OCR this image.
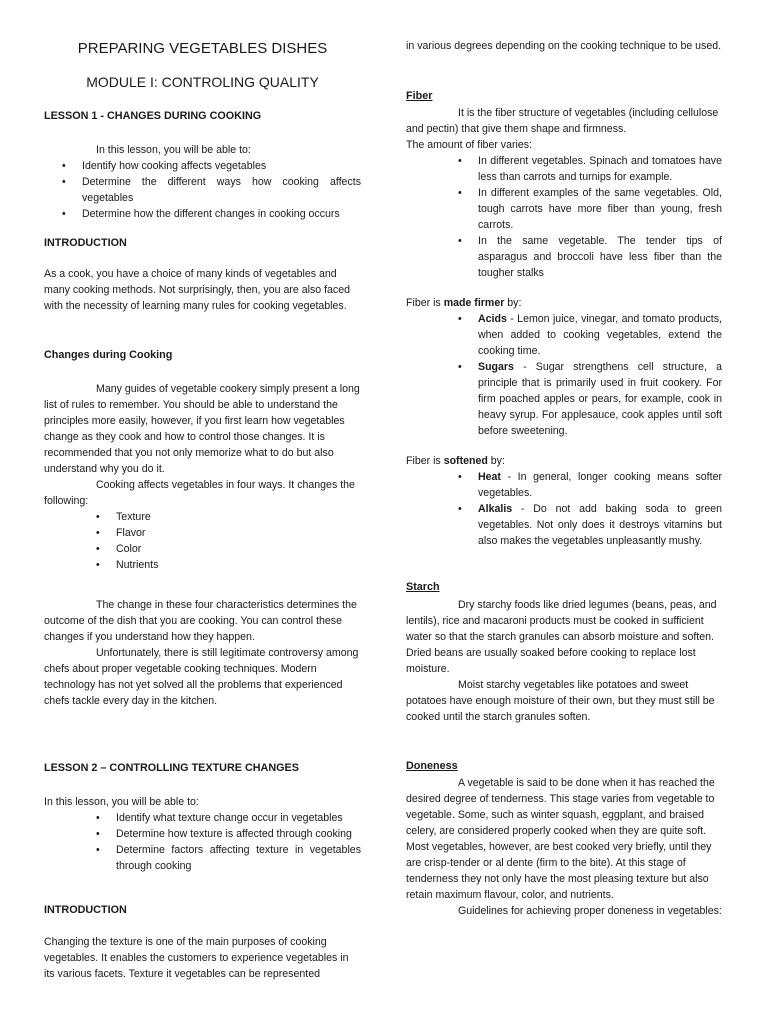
PREPARING VEGETABLES DISHES
MODULE I: CONTROLING QUALITY
LESSON 1 - CHANGES DURING COOKING

In this lesson, you will be able to:

•
Identify how cooking affects vegetables
•
Determine the different ways how cooking affects vegetables
•
Determine how the different changes in cooking occurs
INTRODUCTION

As a cook, you have a choice of many kinds of vegetables and many cooking methods. Not surprisingly, then, you are also faced with the necessity of learning many rules for cooking vegetables.

Changes during Cooking

Many guides of vegetable cookery simply present a long list of rules to remember. You should be able to understand the principles more easily, however, if you first learn how vegetables change as they cook and how to control those changes. It is recommended that you not only memorize what to do but also understand why you do it.

Cooking affects vegetables in four ways. It changes the following:

•
Texture
•
Flavor
•
Color
•
Nutrients

The change in these four characteristics determines the outcome of the dish that you are cooking. You can control these changes if you understand how they happen.

Unfortunately, there is still legitimate controversy among chefs about proper vegetable cooking techniques. Modern technology has not yet solved all the problems that experienced chefs tackle every day in the kitchen.

LESSON 2 – CONTROLLING TEXTURE CHANGES

In this lesson, you will be able to:

•
Identify what texture change occur in vegetables
•
Determine how texture is affected through cooking
•
Determine factors affecting texture in vegetables through cooking
INTRODUCTION

Changing the texture is one of the main purposes of cooking vegetables. It enables the customers to experience vegetables in its various facets. Texture it vegetables can be represented

in various degrees depending on the cooking technique to be used.

Fiber

It is the fiber structure of vegetables (including cellulose and pectin) that give them shape and firmness.

The amount of fiber varies:

•
In different vegetables. Spinach and tomatoes have less than carrots and turnips for example.
•
In different examples of the same vegetables. Old, tough carrots have more fiber than young, fresh carrots.
•
In the same vegetable. The tender tips of asparagus and broccoli have less fiber than the tougher stalks

Fiber is made firmer by:

•
Acids - Lemon juice, vinegar, and tomato products, when added to cooking vegetables, extend the cooking time.
•
Sugars - Sugar strengthens cell structure, a principle that is primarily used in fruit cookery. For firm poached apples or pears, for example, cook in heavy syrup. For applesauce, cook apples until soft before sweetening.

Fiber is softened by:

•
Heat - In general, longer cooking means softer vegetables.
•
Alkalis - Do not add baking soda to green vegetables. Not only does it destroys vitamins but also makes the vegetables unpleasantly mushy.
Starch

Dry starchy foods like dried legumes (beans, peas, and lentils), rice and macaroni products must be cooked in sufficient water so that the starch granules can absorb moisture and soften. Dried beans are usually soaked before cooking to replace lost moisture.

Moist starchy vegetables like potatoes and sweet potatoes have enough moisture of their own, but they must still be cooked until the starch granules soften.

Doneness

A vegetable is said to be done when it has reached the desired degree of tenderness. This stage varies from vegetable to vegetable. Some, such as winter squash, eggplant, and braised celery, are considered properly cooked when they are quite soft. Most vegetables, however, are best cooked very briefly, until they are crisp-tender or al dente (firm to the bite). At this stage of tenderness they not only have the most pleasing texture but also retain maximum flavour, color, and nutrients.

Guidelines for achieving proper doneness in vegetables:
